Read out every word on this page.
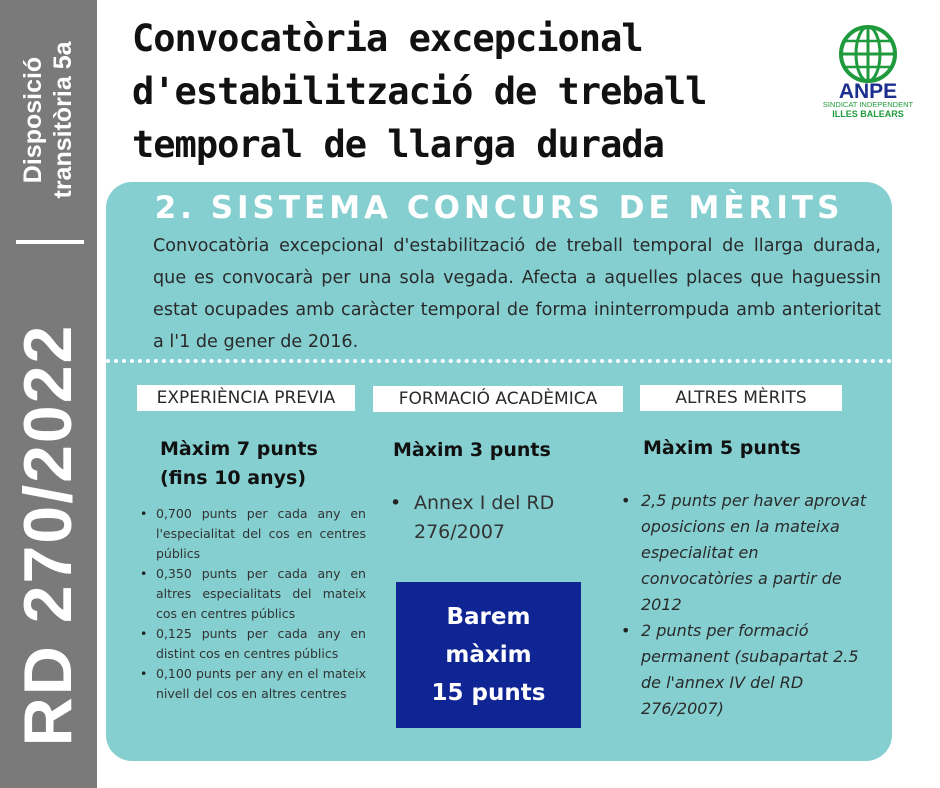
Disposició transitòria 5a
RD 270/2022
Convocatòria excepcional d'estabilització de treball temporal de llarga durada
ANPE
SINDICAT INDEPENDENT
ILLES BALEARS
2. SISTEMA CONCURS DE MÈRITS

Convocatòria excepcional d'estabilització de treball temporal de llarga durada, que es convocarà per una sola vegada. Afecta a aquelles places que haguessin estat ocupades amb caràcter temporal de forma ininterrompuda amb anterioritat a l'1 de gener de 2016.

EXPERIÈNCIA PREVIA	FORMACIÓ ACADÈMICA	ALTRES MÈRITS
Màxim 7 punts
(fins 10 anys)
Màxim 3 punts	Màxim 5 punts
• 0,700 punts per cada any en l'especialitat del cos en centres públics
• 0,350 punts per cada any en altres especialitats del mateix cos en centres públics
• 0,125 punts per cada any en distint cos en centres públics
• 0,100 punts per any en el mateix nivell del cos en altres centres
• Annex I del RD 276/2007
• 2,5 punts per haver aprovat oposicions en la mateixa especialitat en convocatòries a partir de 2012
• 2 punts per formació permanent (subapartat 2.5 de l'annex IV del RD 276/2007)
Barem
màxim
15 punts
